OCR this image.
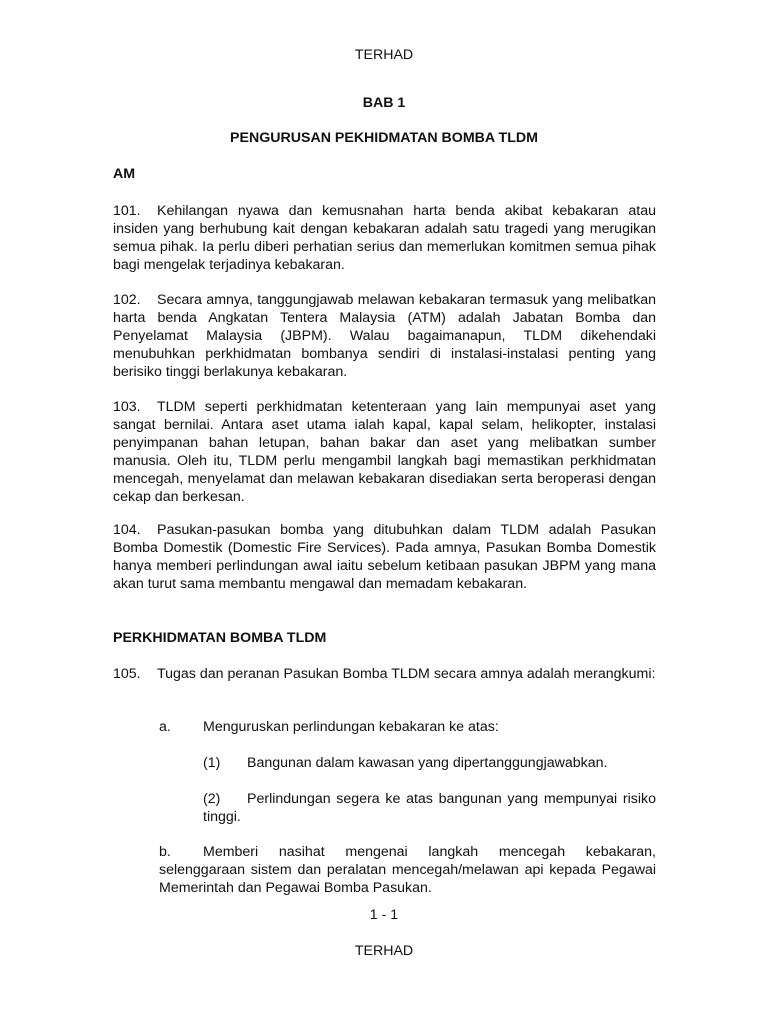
TERHAD
BAB 1
PENGURUSAN PEKHIDMATAN BOMBA TLDM
AM
101. Kehilangan nyawa dan kemusnahan harta benda akibat kebakaran atau insiden yang berhubung kait dengan kebakaran adalah satu tragedi yang merugikan semua pihak. Ia perlu diberi perhatian serius dan memerlukan komitmen semua pihak bagi mengelak terjadinya kebakaran.
102. Secara amnya, tanggungjawab melawan kebakaran termasuk yang melibatkan harta benda Angkatan Tentera Malaysia (ATM) adalah Jabatan Bomba dan Penyelamat Malaysia (JBPM). Walau bagaimanapun, TLDM dikehendaki menubuhkan perkhidmatan bombanya sendiri di instalasi-instalasi penting yang berisiko tinggi berlakunya kebakaran.
103. TLDM seperti perkhidmatan ketenteraan yang lain mempunyai aset yang sangat bernilai. Antara aset utama ialah kapal, kapal selam, helikopter, instalasi penyimpanan bahan letupan, bahan bakar dan aset yang melibatkan sumber manusia. Oleh itu, TLDM perlu mengambil langkah bagi memastikan perkhidmatan mencegah, menyelamat dan melawan kebakaran disediakan serta beroperasi dengan cekap dan berkesan.
104. Pasukan-pasukan bomba yang ditubuhkan dalam TLDM adalah Pasukan Bomba Domestik (Domestic Fire Services). Pada amnya, Pasukan Bomba Domestik hanya memberi perlindungan awal iaitu sebelum ketibaan pasukan JBPM yang mana akan turut sama membantu mengawal dan memadam kebakaran.
PERKHIDMATAN BOMBA TLDM
105. Tugas dan peranan Pasukan Bomba TLDM secara amnya adalah merangkumi:
a. Menguruskan perlindungan kebakaran ke atas:
(1) Bangunan dalam kawasan yang dipertanggungjawabkan.
(2) Perlindungan segera ke atas bangunan yang mempunyai risiko tinggi.
b. Memberi nasihat mengenai langkah mencegah kebakaran, selenggaraan sistem dan peralatan mencegah/melawan api kepada Pegawai Memerintah dan Pegawai Bomba Pasukan.
1 - 1
TERHAD
